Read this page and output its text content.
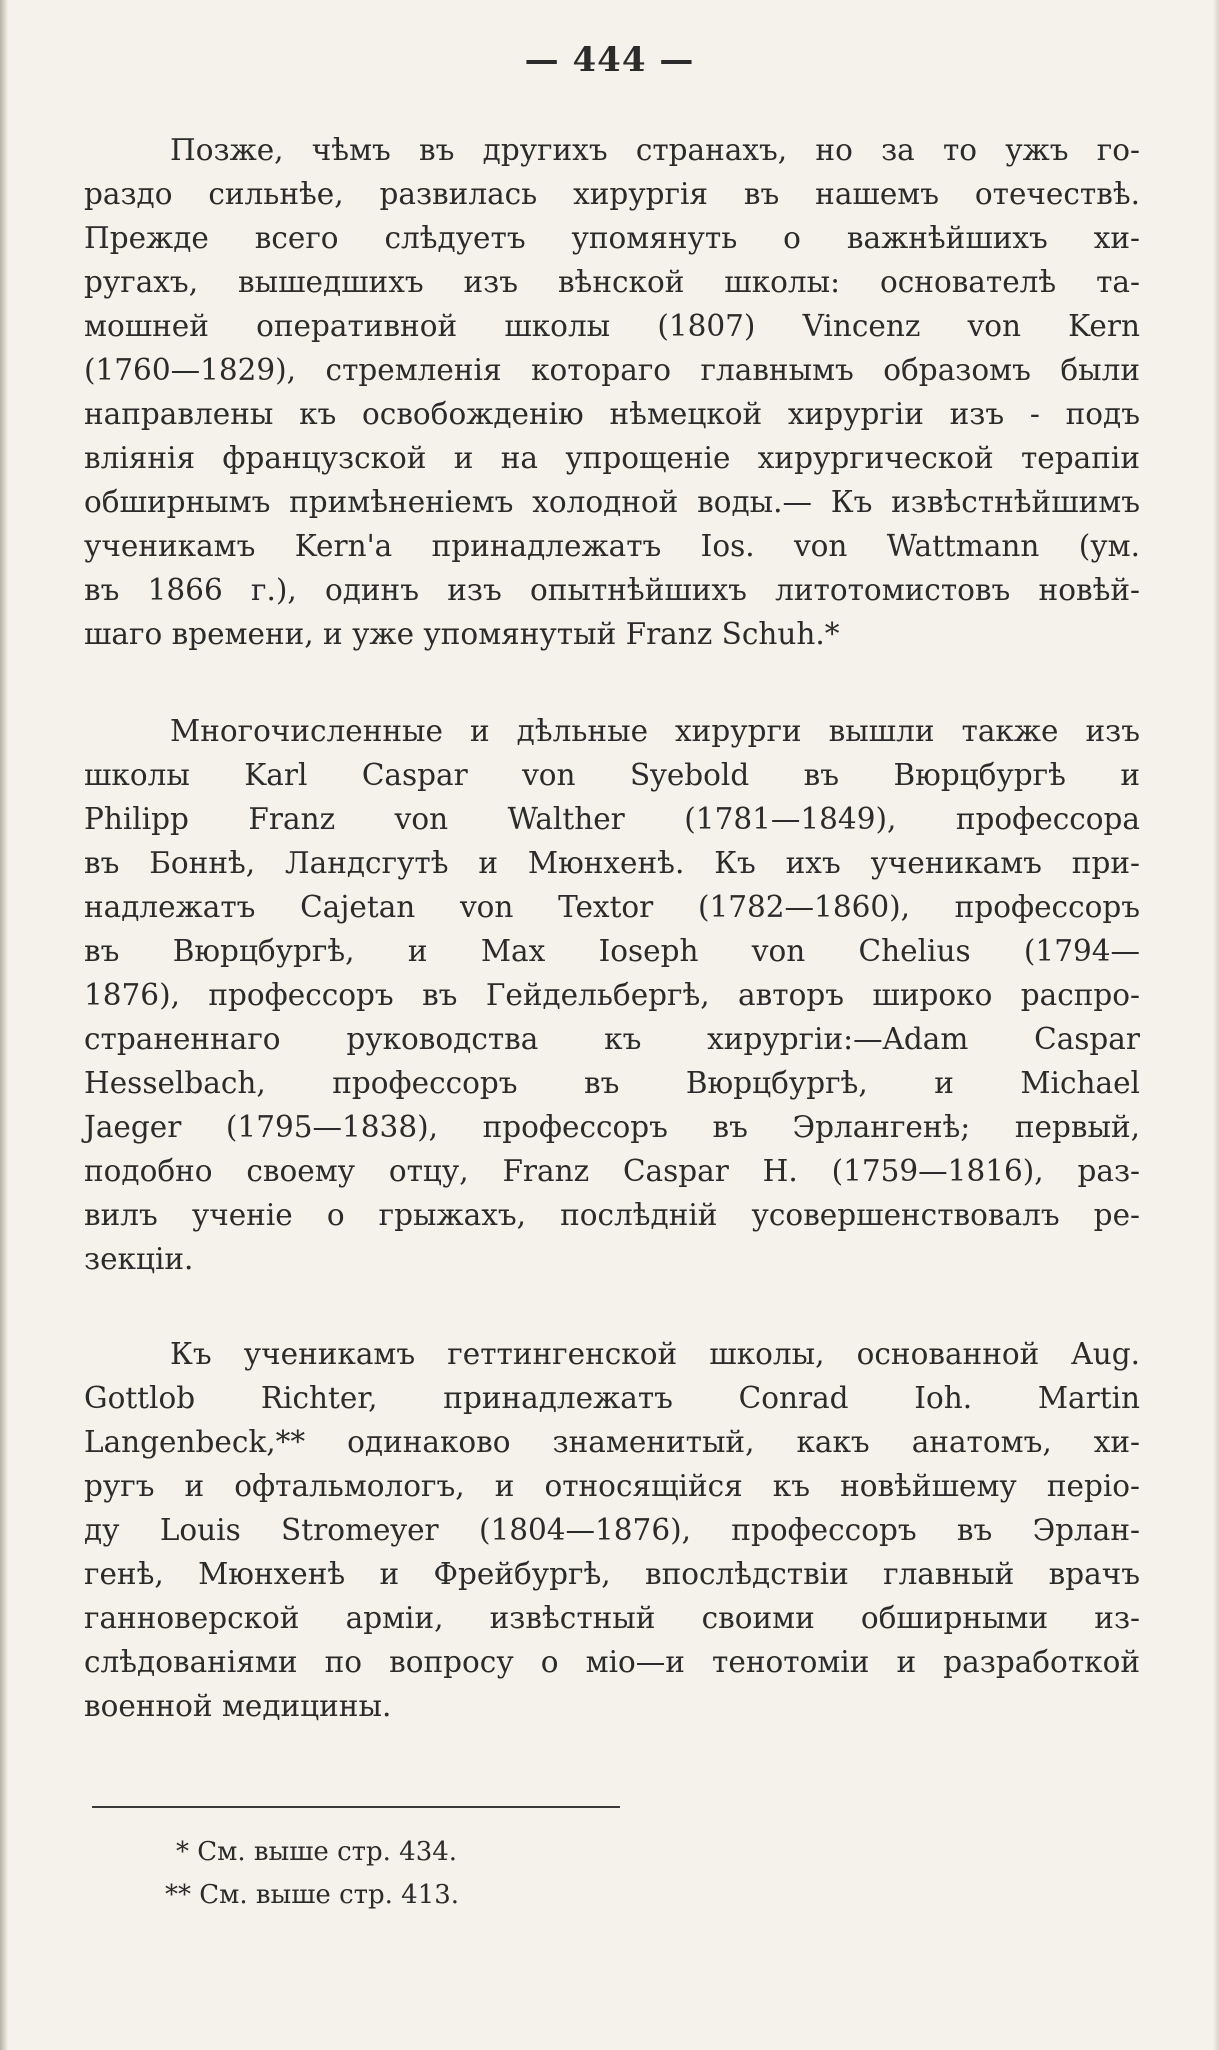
— 444 —
Позже, чѣмъ въ другихъ странахъ, но за то ужъ го-
раздо сильнѣе, развилась хирургія въ нашемъ отечествѣ.
Прежде всего слѣдуетъ упомянуть о важнѣйшихъ хи-
ругахъ, вышедшихъ изъ вѣнской школы: основателѣ та-
мошней оперативной школы (1807) Vincenz von Kern
(1760—1829), стремленія котораго главнымъ образомъ были
направлены къ освобожденію нѣмецкой хирургіи изъ - подъ
вліянія французской и на упрощеніе хирургической терапіи
обширнымъ примѣненіемъ холодной воды.— Къ извѣстнѣйшимъ
ученикамъ Kern'а принадлежатъ Ios. von Wattmann (ум.
въ 1866 г.), одинъ изъ опытнѣйшихъ литотомистовъ новѣй-
шаго времени, и уже упомянутый Franz Schuh.*
Многочисленные и дѣльные хирурги вышли также изъ
школы Karl Caspar von Syebold въ Вюрцбургѣ и
Philipp Franz von Walther (1781—1849), профессора
въ Боннѣ, Ландсгутѣ и Мюнхенѣ. Къ ихъ ученикамъ при-
надлежатъ Cajetan von Textor (1782—1860), профессоръ
въ Вюрцбургѣ, и Max Ioseph von Chelius (1794—
1876), профессоръ въ Гейдельбергѣ, авторъ широко распро-
страненнаго руководства къ хирургіи:—Adam Caspar
Hesselbach, профессоръ въ Вюрцбургѣ, и Michael
Jaeger (1795—1838), профессоръ въ Эрлангенѣ; первый,
подобно своему отцу, Franz Caspar H. (1759—1816), раз-
вилъ ученіе о грыжахъ, послѣдній усовершенствовалъ ре-
зекціи.
Къ ученикамъ геттингенской школы, основанной Aug.
Gottlob Richter, принадлежатъ Conrad Ioh. Martin
Langenbeck,** одинаково знаменитый, какъ анатомъ, хи-
ругъ и офтальмологъ, и относящійся къ новѣйшему перio-
ду Louis Stromeyer (1804—1876), профессоръ въ Эрлан-
генѣ, Мюнхенѣ и Фрейбургѣ, впослѣдствіи главный врачъ
ганноверской арміи, извѣстный своими обширными из-
слѣдованіями по вопросу о міо—и тенотоміи и разработкой
военной медицины.
* См. выше стр. 434.
** См. выше стр. 413.
